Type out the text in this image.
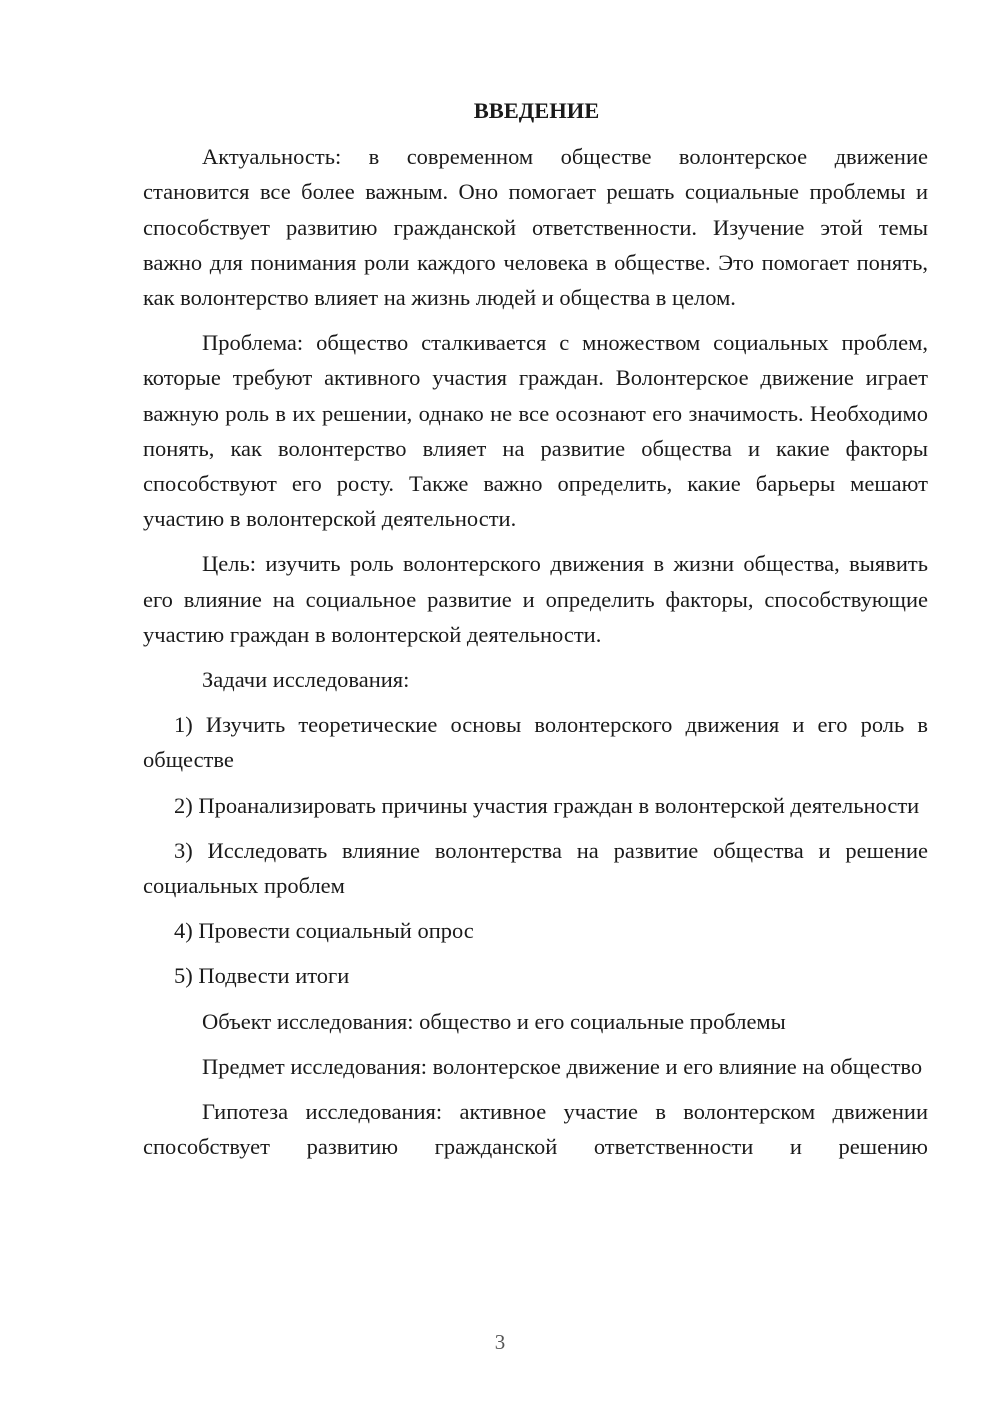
ВВЕДЕНИЕ

Актуальность: в современном обществе волонтерское движение становится все более важным. Оно помогает решать социальные проблемы и способствует развитию гражданской ответственности. Изучение этой темы важно для понимания роли каждого человека в обществе. Это помогает понять, как волонтерство влияет на жизнь людей и общества в целом.

Проблема: общество сталкивается с множеством социальных проблем, которые требуют активного участия граждан. Волонтерское движение играет важную роль в их решении, однако не все осознают его значимость. Необходимо понять, как волонтерство влияет на развитие общества и какие факторы способствуют его росту. Также важно определить, какие барьеры мешают участию в волонтерской деятельности.

Цель: изучить роль волонтерского движения в жизни общества, выявить его влияние на социальное развитие и определить факторы, способствующие участию граждан в волонтерской деятельности.

Задачи исследования:

1) Изучить теоретические основы волонтерского движения и его роль в обществе

2) Проанализировать причины участия граждан в волонтерской деятельности

3) Исследовать влияние волонтерства на развитие общества и решение социальных проблем

4) Провести социальный опрос

5) Подвести итоги

Объект исследования: общество и его социальные проблемы

Предмет исследования: волонтерское движение и его влияние на общество

Гипотеза исследования: активное участие в волонтерском движении способствует развитию гражданской ответственности и решению

3
